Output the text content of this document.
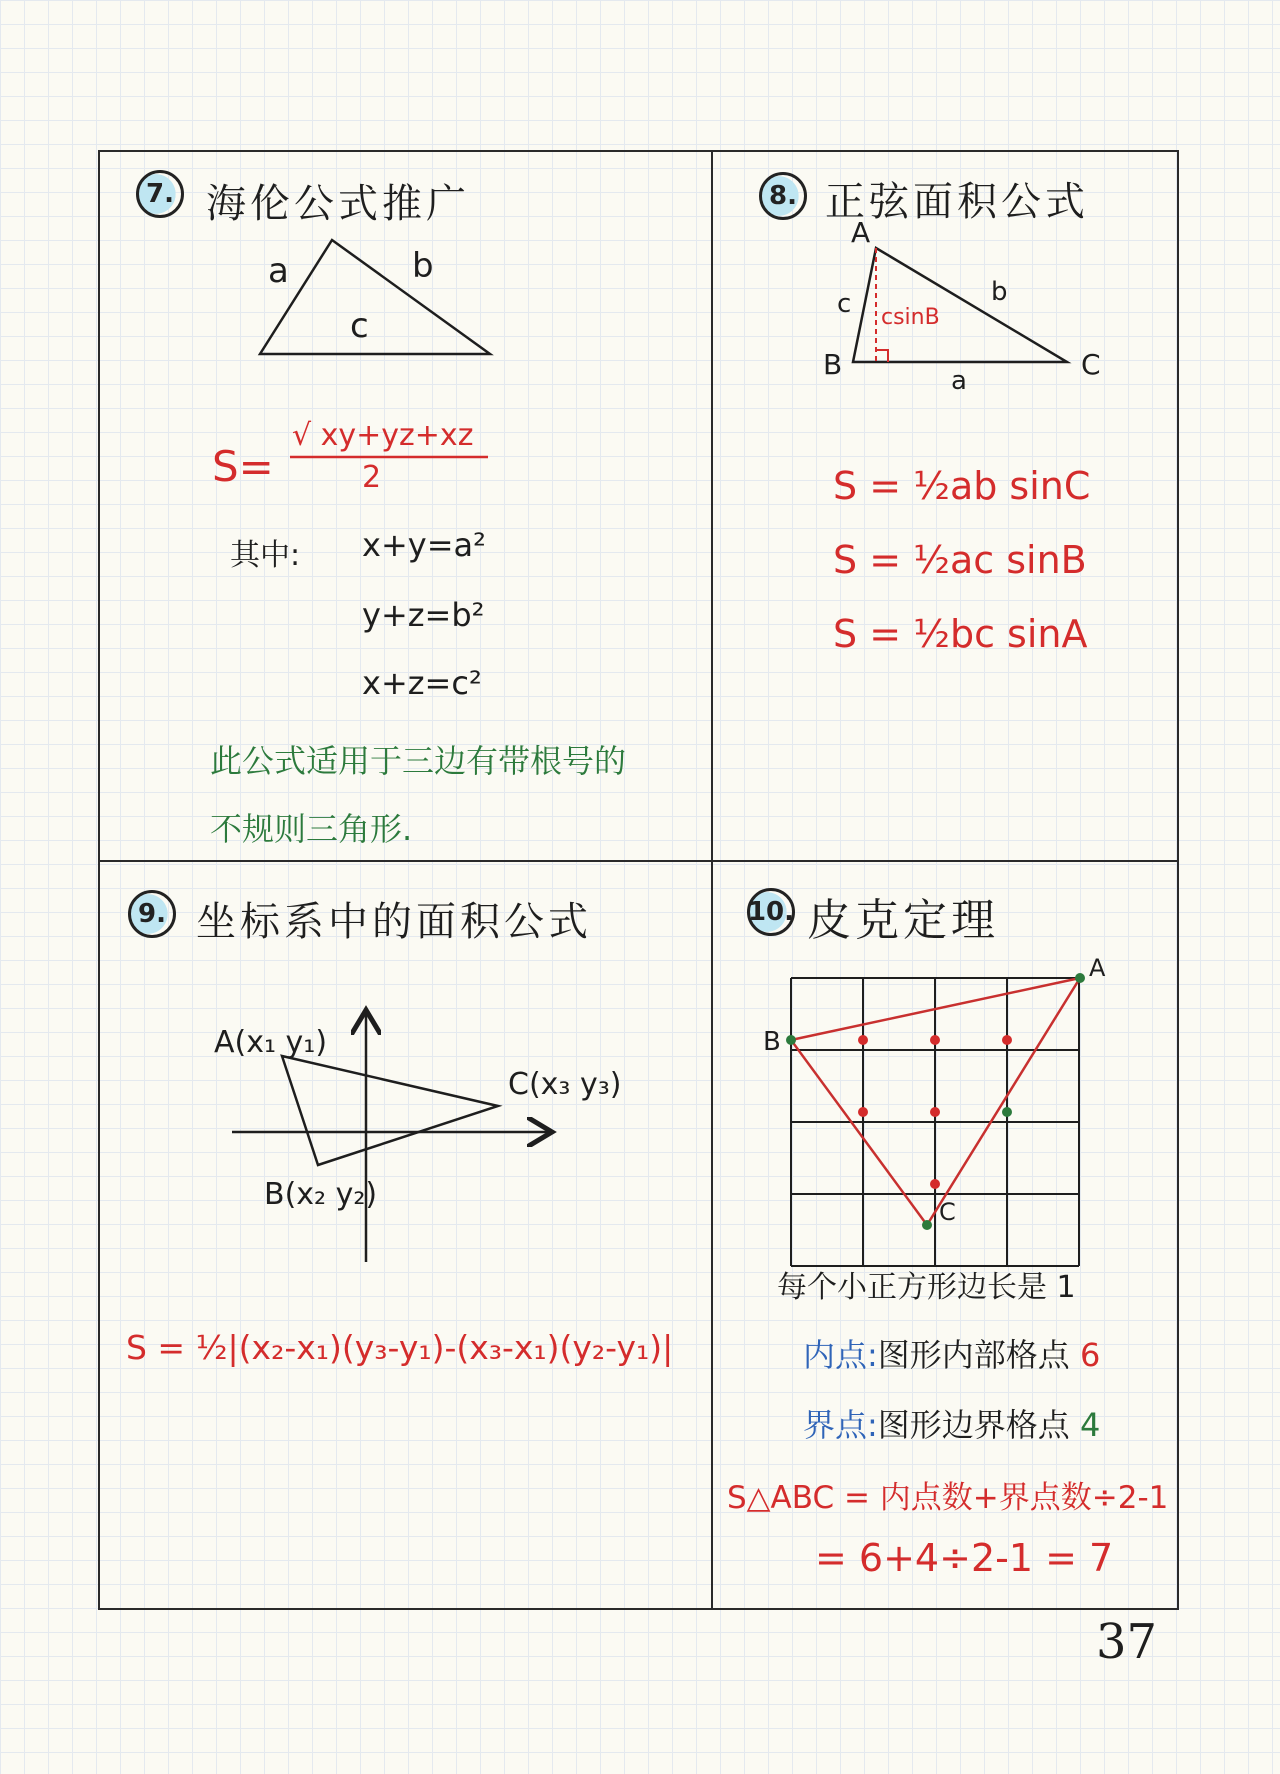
7. 海伦公式推广
a	b
c
S=
√ xy+yz+xz
2
其中: x+y=a²
y+z=b²
x+z=c²
此公式适用于三边有带根号的
不规则三角形.
8. 正弦面积公式
A
B	C
a
b
c csinB
S = ½ab sinC
S = ½ac sinB
S = ½bc sinA
9. 坐标系中的面积公式
A(x₁ y₁)
C(x₃ y₃)
B(x₂ y₂)
S = ½|(x₂-x₁)(y₃-y₁)-(x₃-x₁)(y₂-y₁)|
10. 皮克定理
A
B
C
每个小正方形边长是 1
内点:图形内部格点 6
界点:图形边界格点 4
S△ABC = 内点数+界点数÷2-1
= 6+4÷2-1 = 7
37
